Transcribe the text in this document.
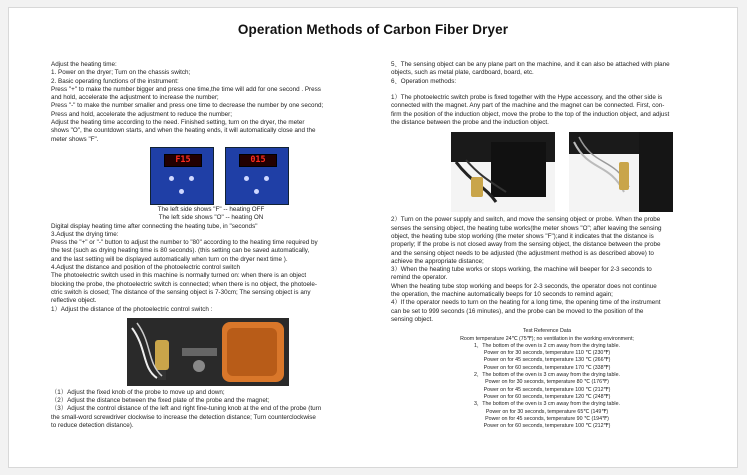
Operation Methods of Carbon Fiber Dryer

Adjust the heating time:

1. Power on the dryer; Turn on the chassis switch;

2. Basic operating functions of the instrument:

Press "+" to make the number bigger and press one time,the time will add for one second . Press

and hold, accelerate the adjustment to increase the number;

Press "-" to make the number smaller and press one time to decrease the number by one second;

Press and hold, accelerate the adjustment to reduce the number;

Adjust the heating time according to the need. Finished setting, turn on the dryer, the meter

shows "O", the countdown starts, and when the heating ends, it will automatically close and the

meter shows "F".

F15	015

The left side shows "F" -- heating OFF

The left side shows "O" -- heating ON

Digital display heating time after connecting the heating tube, in "seconds"

3.Adjust the drying time:

Press the "+" or "-" button to adjust the number to "80" according to the heating time required by

the test (such as drying heating time is 80 seconds). (this setting can be saved automatically,

and the last setting will be displayed automatically when turn on the dryer next time ).

4.Adjust the distance and position of the photoelectric control switch

The photoelectric switch used in this machine is normally turned on: when there is an object

blocking the probe, the photoelectric switch is connected; when there is no object, the photoele-

ctric switch is closed; The distance of the sensing object is 7-30cm; The sensing object is any

reflective object.

1）Adjust the distance of the photoelectric control switch :

（1）Adjust the fixed knob of the probe to move up and down;

（2）Adjust the distance between the fixed plate of the probe and the magnet;

（3）Adjust the control distance of the left and right fine-tuning knob at the end of the probe (turn

the small-word screwdriver clockwise to increase the detection distance; Turn counterclockwise

to reduce detection distance).

5、The sensing object can be any plane part on the machine, and it can also be attached with plane

objects, such as metal plate, cardboard, board, etc.

6、Operation methods:

1）The photoelectric switch probe is fixed together with the Hype accessory, and the other side is

connected with the magnet. Any part of the machine and the magnet can be connected. First, con-

firm the position of the induction object, move the probe to the top of the induction object, and adjust

the distance between the probe and the induction object.

2）Turn on the power supply and switch, and move the sensing object or probe. When the probe

senses the sensing object, the heating tube works(the meter shows "O"; after leaving the sensing

object, the heating tube stop working (the meter shows "F");and it indicates that the distance is

properly; If the probe is not closed away from the sensing object, the distance between the probe

and the sensing object needs to be adjusted (the adjustment method is as described above) to

achieve the appropriate distance;

3）When the heating tube works or stops working, the machine will beeper for 2-3 seconds to

remind the operator.

When the heating tube stop working and beeps for 2-3 seconds, the operator does not continue

the operation, the machine automatically beeps for 10 seconds to remind again;

4）If the operator needs to turn on the heating for a long time, the opening time of the instrument

can be set to 999 seconds (16 minutes), and the probe can be moved to the position of the

sensing object.

Test Reference Data

Room temperature 24℃ (75℉); no ventilation in the working environment;

1，The bottom of the oven is 2 cm away from the drying table.

Power on for 30 seconds, temperature 110 ℃ (230℉)

Power on for 45 seconds, temperature 130 ℃ (266℉)

Power on for 60 seconds, temperature 170 ℃ (338℉)

2，The bottom of the oven is 3 cm away from the drying table.

Power on for 30 seconds, temperature 80 ℃ (176℉)

Power on for 45 seconds, temperature 100 ℃ (212℉)

Power on for 60 seconds, temperature 120 ℃ (248℉)

3，The bottom of the oven is 3 cm away from the drying table.

Power on for 30 seconds, temperature 65℃ (149℉)

Power on for 45 seconds, temperature 90 ℃ (194℉)

Power on for 60 seconds, temperature 100 ℃ (212℉)
